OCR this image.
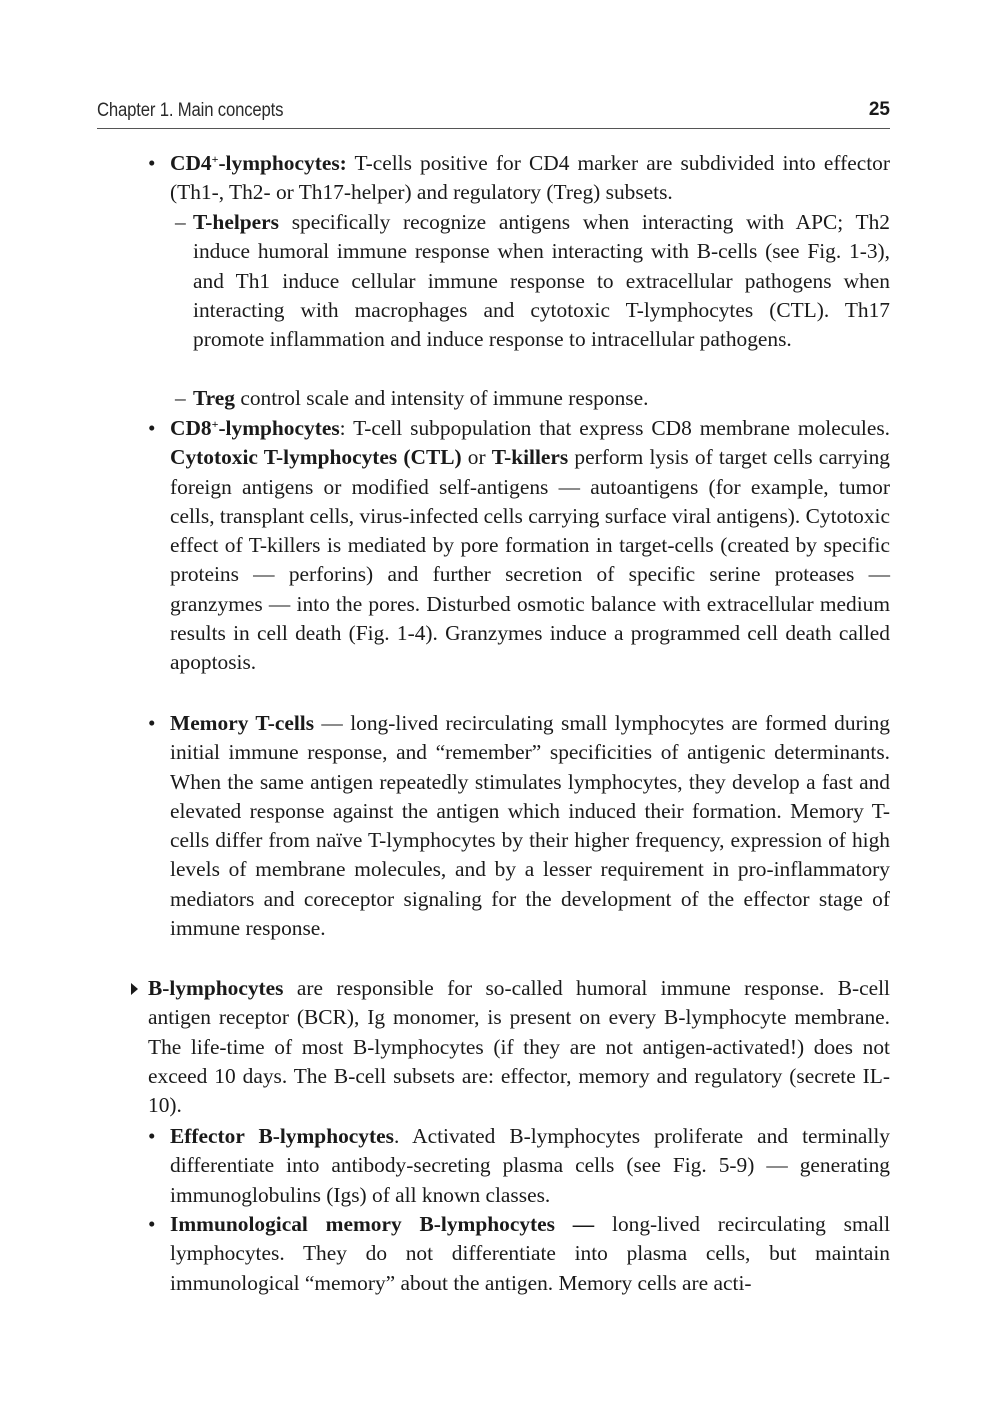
Chapter 1. Main concepts	25
• CD4+-lymphocytes: T-cells positive for CD4 marker are subdivided into effector (Th1-, Th2- or Th17-helper) and regulatory (Treg) subsets.

– T-helpers specifically recognize antigens when interacting with APC; Th2 induce humoral immune response when interacting with B-cells (see Fig. 1-3), and Th1 induce cellular immune response to extracellular pathogens when interacting with macrophages and cytotoxic T-lymphocytes (CTL). Th17 promote inflammation and induce response to intracellular pathogens.

– Treg control scale and intensity of immune response.

• CD8+-lymphocytes: T-cell subpopulation that express CD8 membrane molecules. Cytotoxic T-lymphocytes (CTL) or T-killers perform lysis of target cells carrying foreign antigens or modified self-antigens — autoantigens (for example, tumor cells, transplant cells, virus-infected cells carrying surface viral antigens). Cytotoxic effect of T-killers is mediated by pore formation in target-cells (created by specific proteins — perforins) and further secretion of specific serine proteases — granzymes — into the pores. Disturbed osmotic balance with extracellular medium results in cell death (Fig. 1-4). Granzymes induce a programmed cell death called apoptosis.

• Memory T-cells — long-lived recirculating small lymphocytes are formed during initial immune response, and “remember” specificities of antigenic determinants. When the same antigen repeatedly stimulates lymphocytes, they develop a fast and elevated response against the antigen which induced their formation. Memory T-cells differ from naïve T-lymphocytes by their higher frequency, expression of high levels of membrane molecules, and by a lesser requirement in pro-inflammatory mediators and coreceptor signaling for the development of the effector stage of immune response.

B-lymphocytes are responsible for so-called humoral immune response. B-cell antigen receptor (BCR), Ig monomer, is present on every B-lymphocyte membrane. The life-time of most B-lymphocytes (if they are not antigen-activated!) does not exceed 10 days. The B-cell subsets are: effector, memory and regulatory (secrete IL-10).

• Effector B-lymphocytes. Activated B-lymphocytes proliferate and terminally differentiate into antibody-secreting plasma cells (see Fig. 5-9) — generating immunoglobulins (Igs) of all known classes.

• Immunological memory B-lymphocytes — long-lived recirculating small lymphocytes. They do not differentiate into plasma cells, but maintain immunological “memory” about the antigen. Memory cells are acti-
